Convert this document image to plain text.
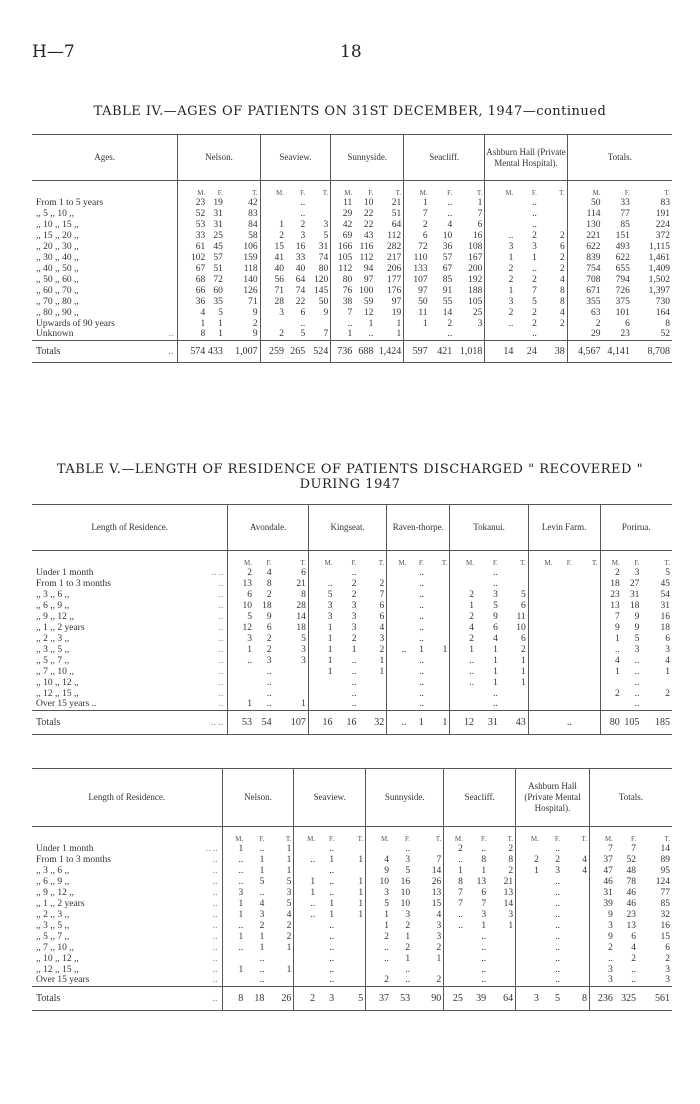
H—7	18
TABLE IV.—AGES OF PATIENTS ON 31ST DECEMBER, 1947—continued
Ages.		Nelson.			Seaview.			Sunnyside.			Seacliff.			Ashburn Hall (Private Mental Hospital).			Totals.		
		M.	F.	T.	M.	F.	T.	M.	F.	T.	M.	F.	T.	M.	F.	T.	M.	F.	T.
From 1 to 5 years		23	19	42		..		11	10	21	1	..	1		..		50	33	83
,, 5 ,, 10 ,,		52	31	83		..		29	22	51	7	..	7		..		114	77	191
,, 10 ,, 15 ,,		53	31	84	1	2	3	42	22	64	2	4	6		..		130	85	224
,, 15 ,, 20 ,,		33	25	58	2	3	5	69	43	112	6	10	16	..	2	2	221	151	372
,, 20 ,, 30 ,,		61	45	106	15	16	31	166	116	282	72	36	108	3	3	6	622	493	1,115
,, 30 ,, 40 ,,		102	57	159	41	33	74	105	112	217	110	57	167	1	1	2	839	622	1,461
,, 40 ,, 50 ,,		67	51	118	40	40	80	112	94	206	133	67	200	2	..	2	754	655	1,409
,, 50 ,, 60 ,,		68	72	140	56	64	120	80	97	177	107	85	192	2	2	4	708	794	1,502
,, 60 ,, 70 ,,		66	60	126	71	74	145	76	100	176	97	91	188	1	7	8	671	726	1,397
,, 70 ,, 80 ,,		36	35	71	28	22	50	38	59	97	50	55	105	3	5	8	355	375	730
,, 80 ,, 90 ,,		4	5	9	3	6	9	7	12	19	11	14	25	2	2	4	63	101	164
Upwards of 90 years		1	1	2		..		..	1	1	1	2	3	..	2	2	2	6	8
Unknown	..	8	1	9	2	5	7	1	..	1		..			..		29	23	52
Totals	..	574	433	1,007	259	265	524	736	688	1,424	597	421	1,018	14	24	38	4,567	4,141	8,708
TABLE V.—LENGTH OF RESIDENCE OF PATIENTS DISCHARGED " RECOVERED "
DURING 1947
Length of Residence.		Avondale.			Kingseat.			Raven-thorpe.			Tokanui.			Levin Farm.			Porirua.		
		M.	F.	T.	M.	F.	T.	M.	F.	T.	M.	F.	T.	M.	F.	T.	M.	F.	T.
Under 1 month	.. ..	2	4	6		..			..			..					2	3	5
From 1 to 3 months	..	13	8	21	..	2	2		..			..					18	27	45
,, 3 ,, 6 ,,	..	6	2	8	5	2	7		..		2	3	5				23	31	54
,, 6 ,, 9 ,,	..	10	18	28	3	3	6		..		1	5	6				13	18	31
,, 9 ,, 12 ,,	..	5	9	14	3	3	6		..		2	9	11				7	9	16
,, 1 ,, 2 years	..	12	6	18	1	3	4		..		4	6	10				9	9	18
,, 2 ,, 3 ,,	..	3	2	5	1	2	3		..		2	4	6				1	5	6
,, 3 ,, 5 ,,	..	1	2	3	1	1	2	..	1	1	1	1	2				..	3	3
,, 5 ,, 7 ,,	..	..	3	3	1	..	1		..		..	1	1				4	..	4
,, 7 ,, 10 ,,	..		..		1	..	1		..		..	1	1				1	..	1
,, 10 ,, 12 ,,	..		..			..			..		..	1	1					..	
,, 12 ,, 15 ,,	..		..			..			..			..					2	..	2
Over 15 years ..	..	1	..	1		..			..			..						..	
Totals	.. ..	53	54	107	16	16	32	..	1	1	12	31	43		..		80	105	185
Length of Residence.		Nelson.			Seaview.			Sunnyside.			Seacliff.			Ashburn Hall (Private Mental Hospital).			Totals.		
		M.	F.	T.	M.	F.	T.	M.	F.	T.	M.	F.	T.	M.	F.	T.	M.	F.	T.
Under 1 month	.. ..	1	..	1		..			..		2	..	2		..		7	7	14
From 1 to 3 months	..	..	1	1	..	1	1	4	3	7	..	8	8	2	2	4	37	52	89
,, 3 ,, 6 ,,	..	..	1	1		..		9	5	14	1	1	2	1	3	4	47	48	95
,, 6 ,, 9 ,,	..	..	5	5	1	..	1	10	16	26	8	13	21		..		46	78	124
,, 9 ,, 12 ,,	..	3	..	3	1	..	1	3	10	13	7	6	13		..		31	46	77
,, 1 ,, 2 years	..	1	4	5	..	1	1	5	10	15	7	7	14		..		39	46	85
,, 2 ,, 3 ,,	..	1	3	4	..	1	1	1	3	4	..	3	3		..		9	23	32
,, 3 ,, 5 ,,	..	..	2	2		..		1	2	3	..	1	1		..		3	13	16
,, 5 ,, 7 ,,	..	1	1	2		..		2	1	3		..			..		9	6	15
,, 7 ,, 10 ,,	..	..	1	1		..		..	2	2		..			..		2	4	6
,, 10 ,, 12 ,,	..		..			..		..	1	1		..			..		..	2	2
,, 12 ,, 15 ,,	..	1	..	1		..			..			..			..		3	..	3
Over 15 years	..		..			..		2	..	2		..			..		3	..	3
Totals	..	8	18	26	2	3	5	37	53	90	25	39	64	3	5	8	236	325	561
